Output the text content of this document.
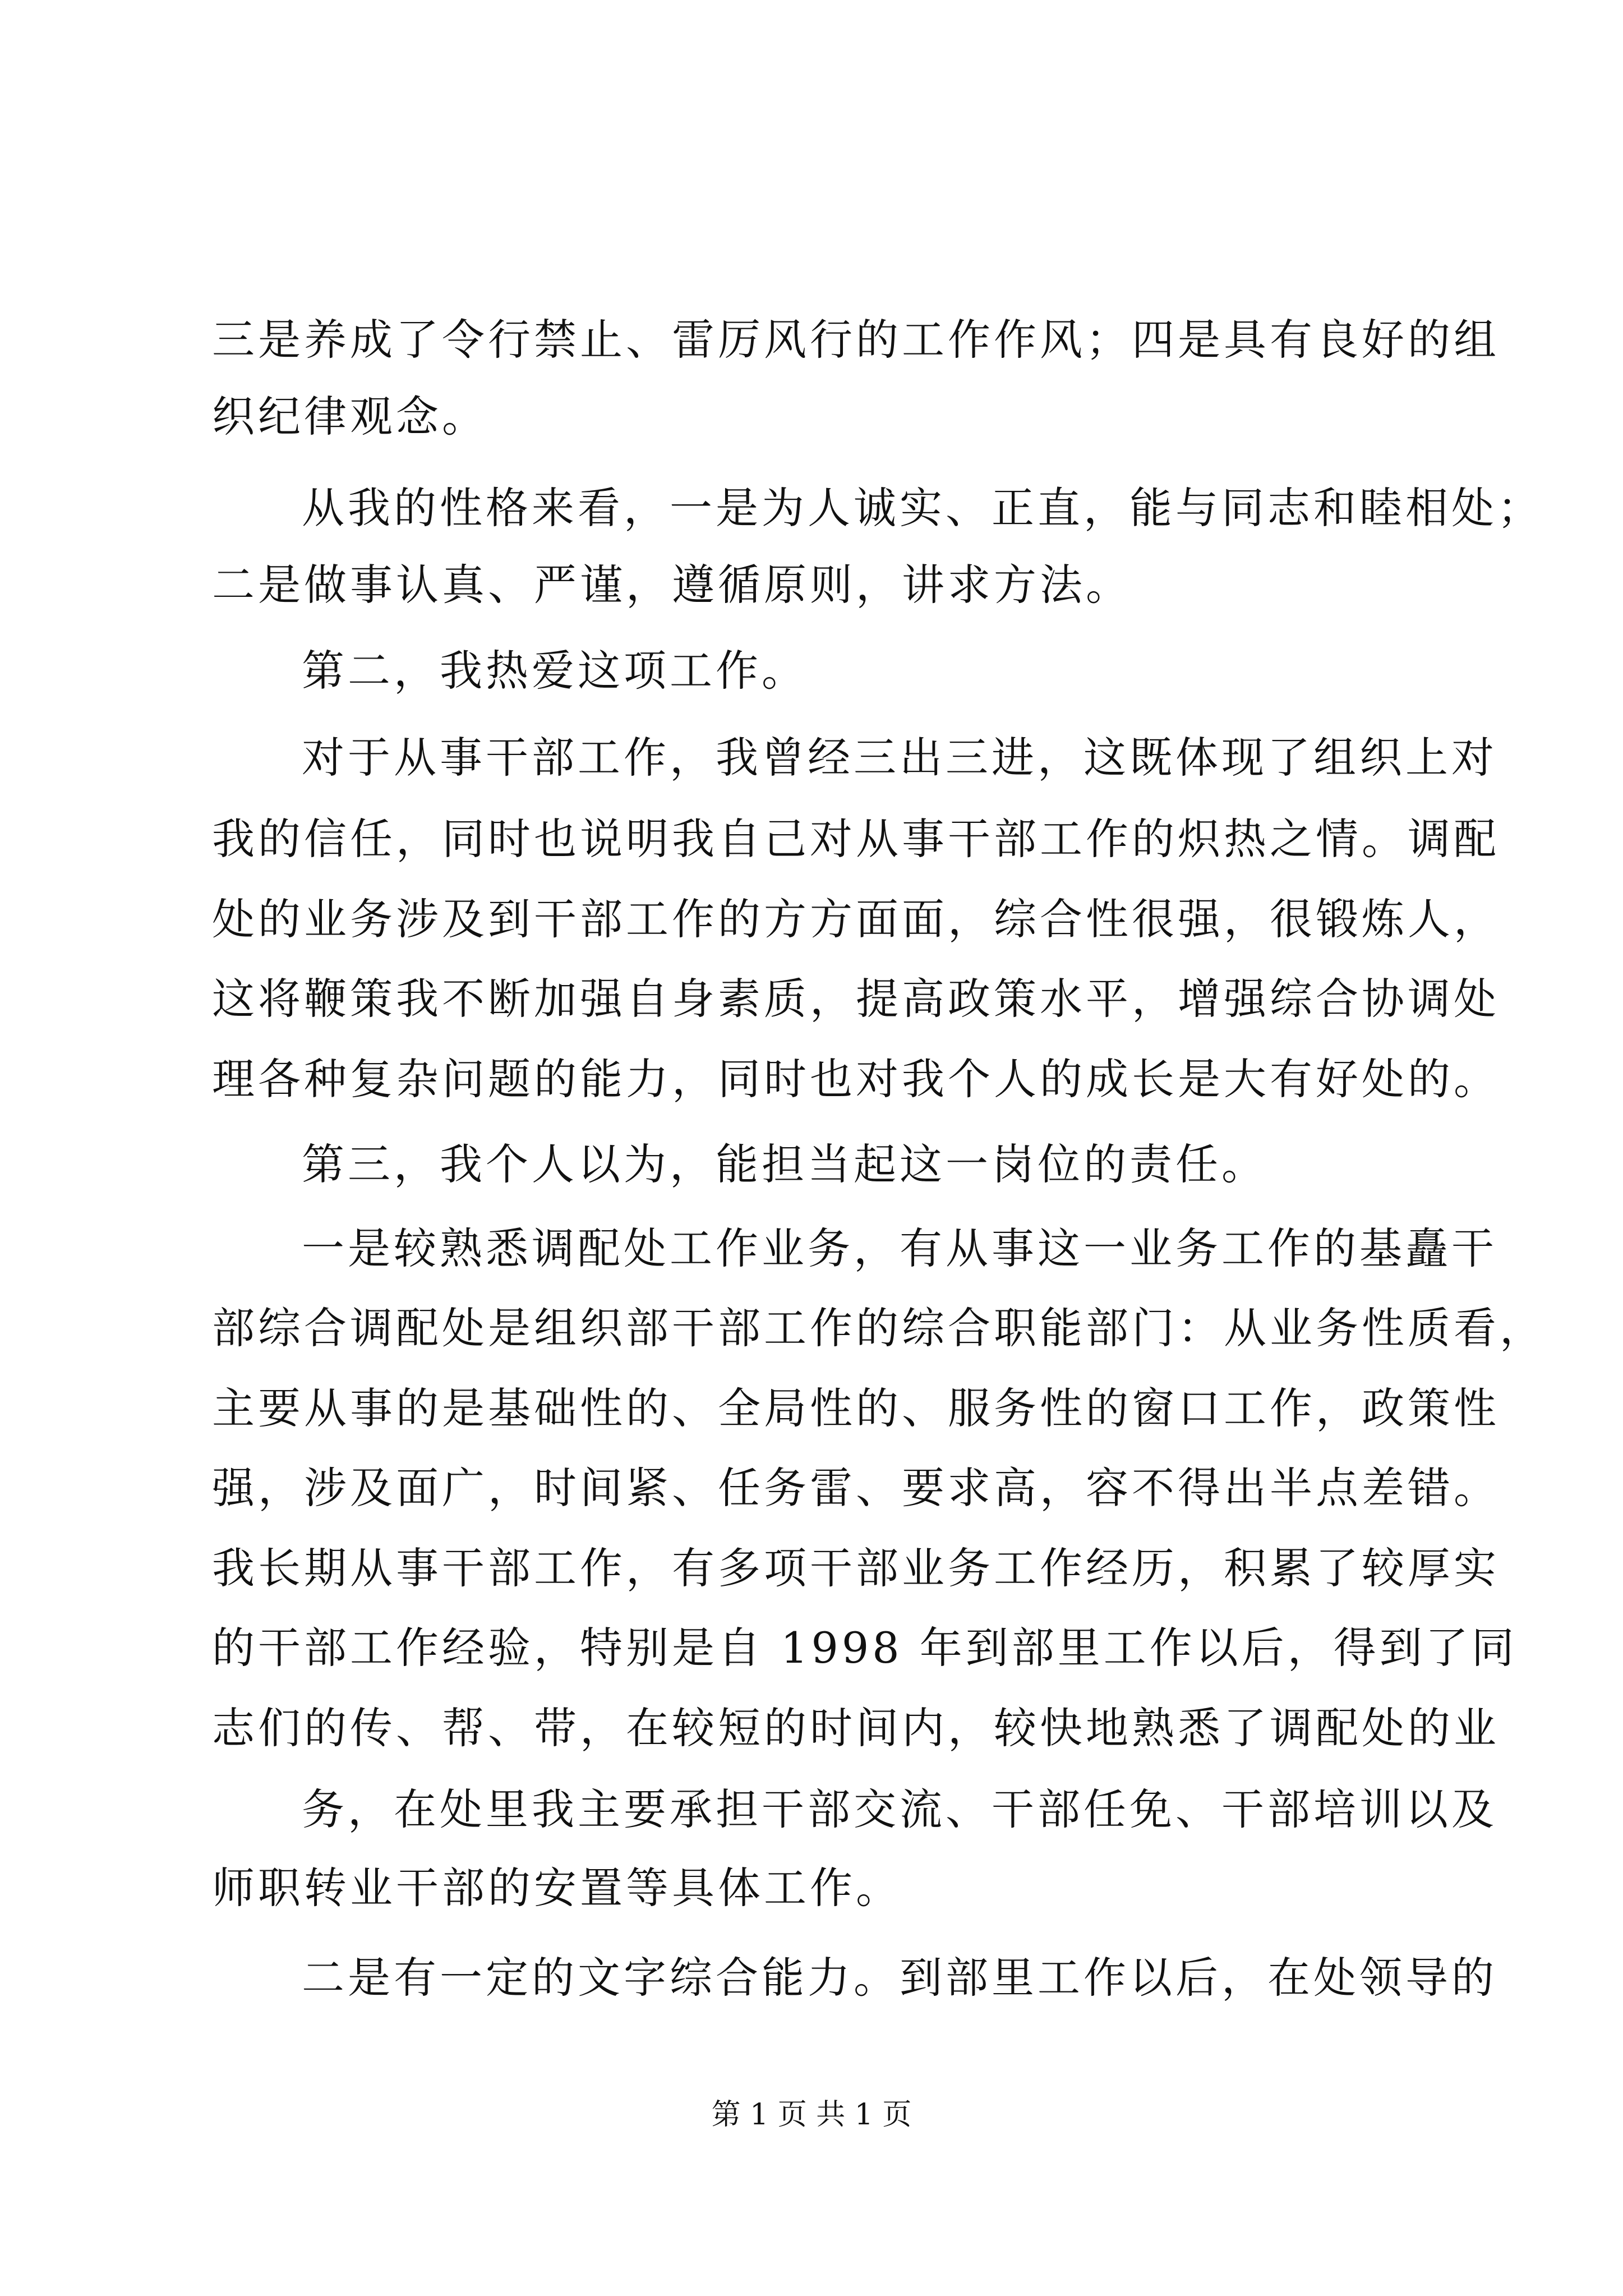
三是养成了令行禁止、雷厉风行的工作作风；四是具有良好的组
织纪律观念。
从我的性格来看，一是为人诚实、正直，能与同志和睦相处；
二是做事认真、严谨，遵循原则，讲求方法。
第二，我热爱这项工作。
对于从事干部工作，我曾经三出三进，这既体现了组织上对
我的信任，同时也说明我自己对从事干部工作的炽热之情。调配
处的业务涉及到干部工作的方方面面，综合性很强，很锻炼人，
这将鞭策我不断加强自身素质，提高政策水平，增强综合协调处
理各种复杂问题的能力，同时也对我个人的成长是大有好处的。
第三，我个人以为，能担当起这一岗位的责任。
一是较熟悉调配处工作业务，有从事这一业务工作的基矗干
部综合调配处是组织部干部工作的综合职能部门：从业务性质看，
主要从事的是基础性的、全局性的、服务性的窗口工作，政策性
强，涉及面广，时间紧、任务雷、要求高，容不得出半点差错。
我长期从事干部工作，有多项干部业务工作经历，积累了较厚实
的干部工作经验，特别是自 1998 年到部里工作以后，得到了同
志们的传、帮、带，在较短的时间内，较快地熟悉了调配处的业
务，在处里我主要承担干部交流、干部任免、干部培训以及
师职转业干部的安置等具体工作。
二是有一定的文字综合能力。到部里工作以后，在处领导的
第 1 页 共 1 页
